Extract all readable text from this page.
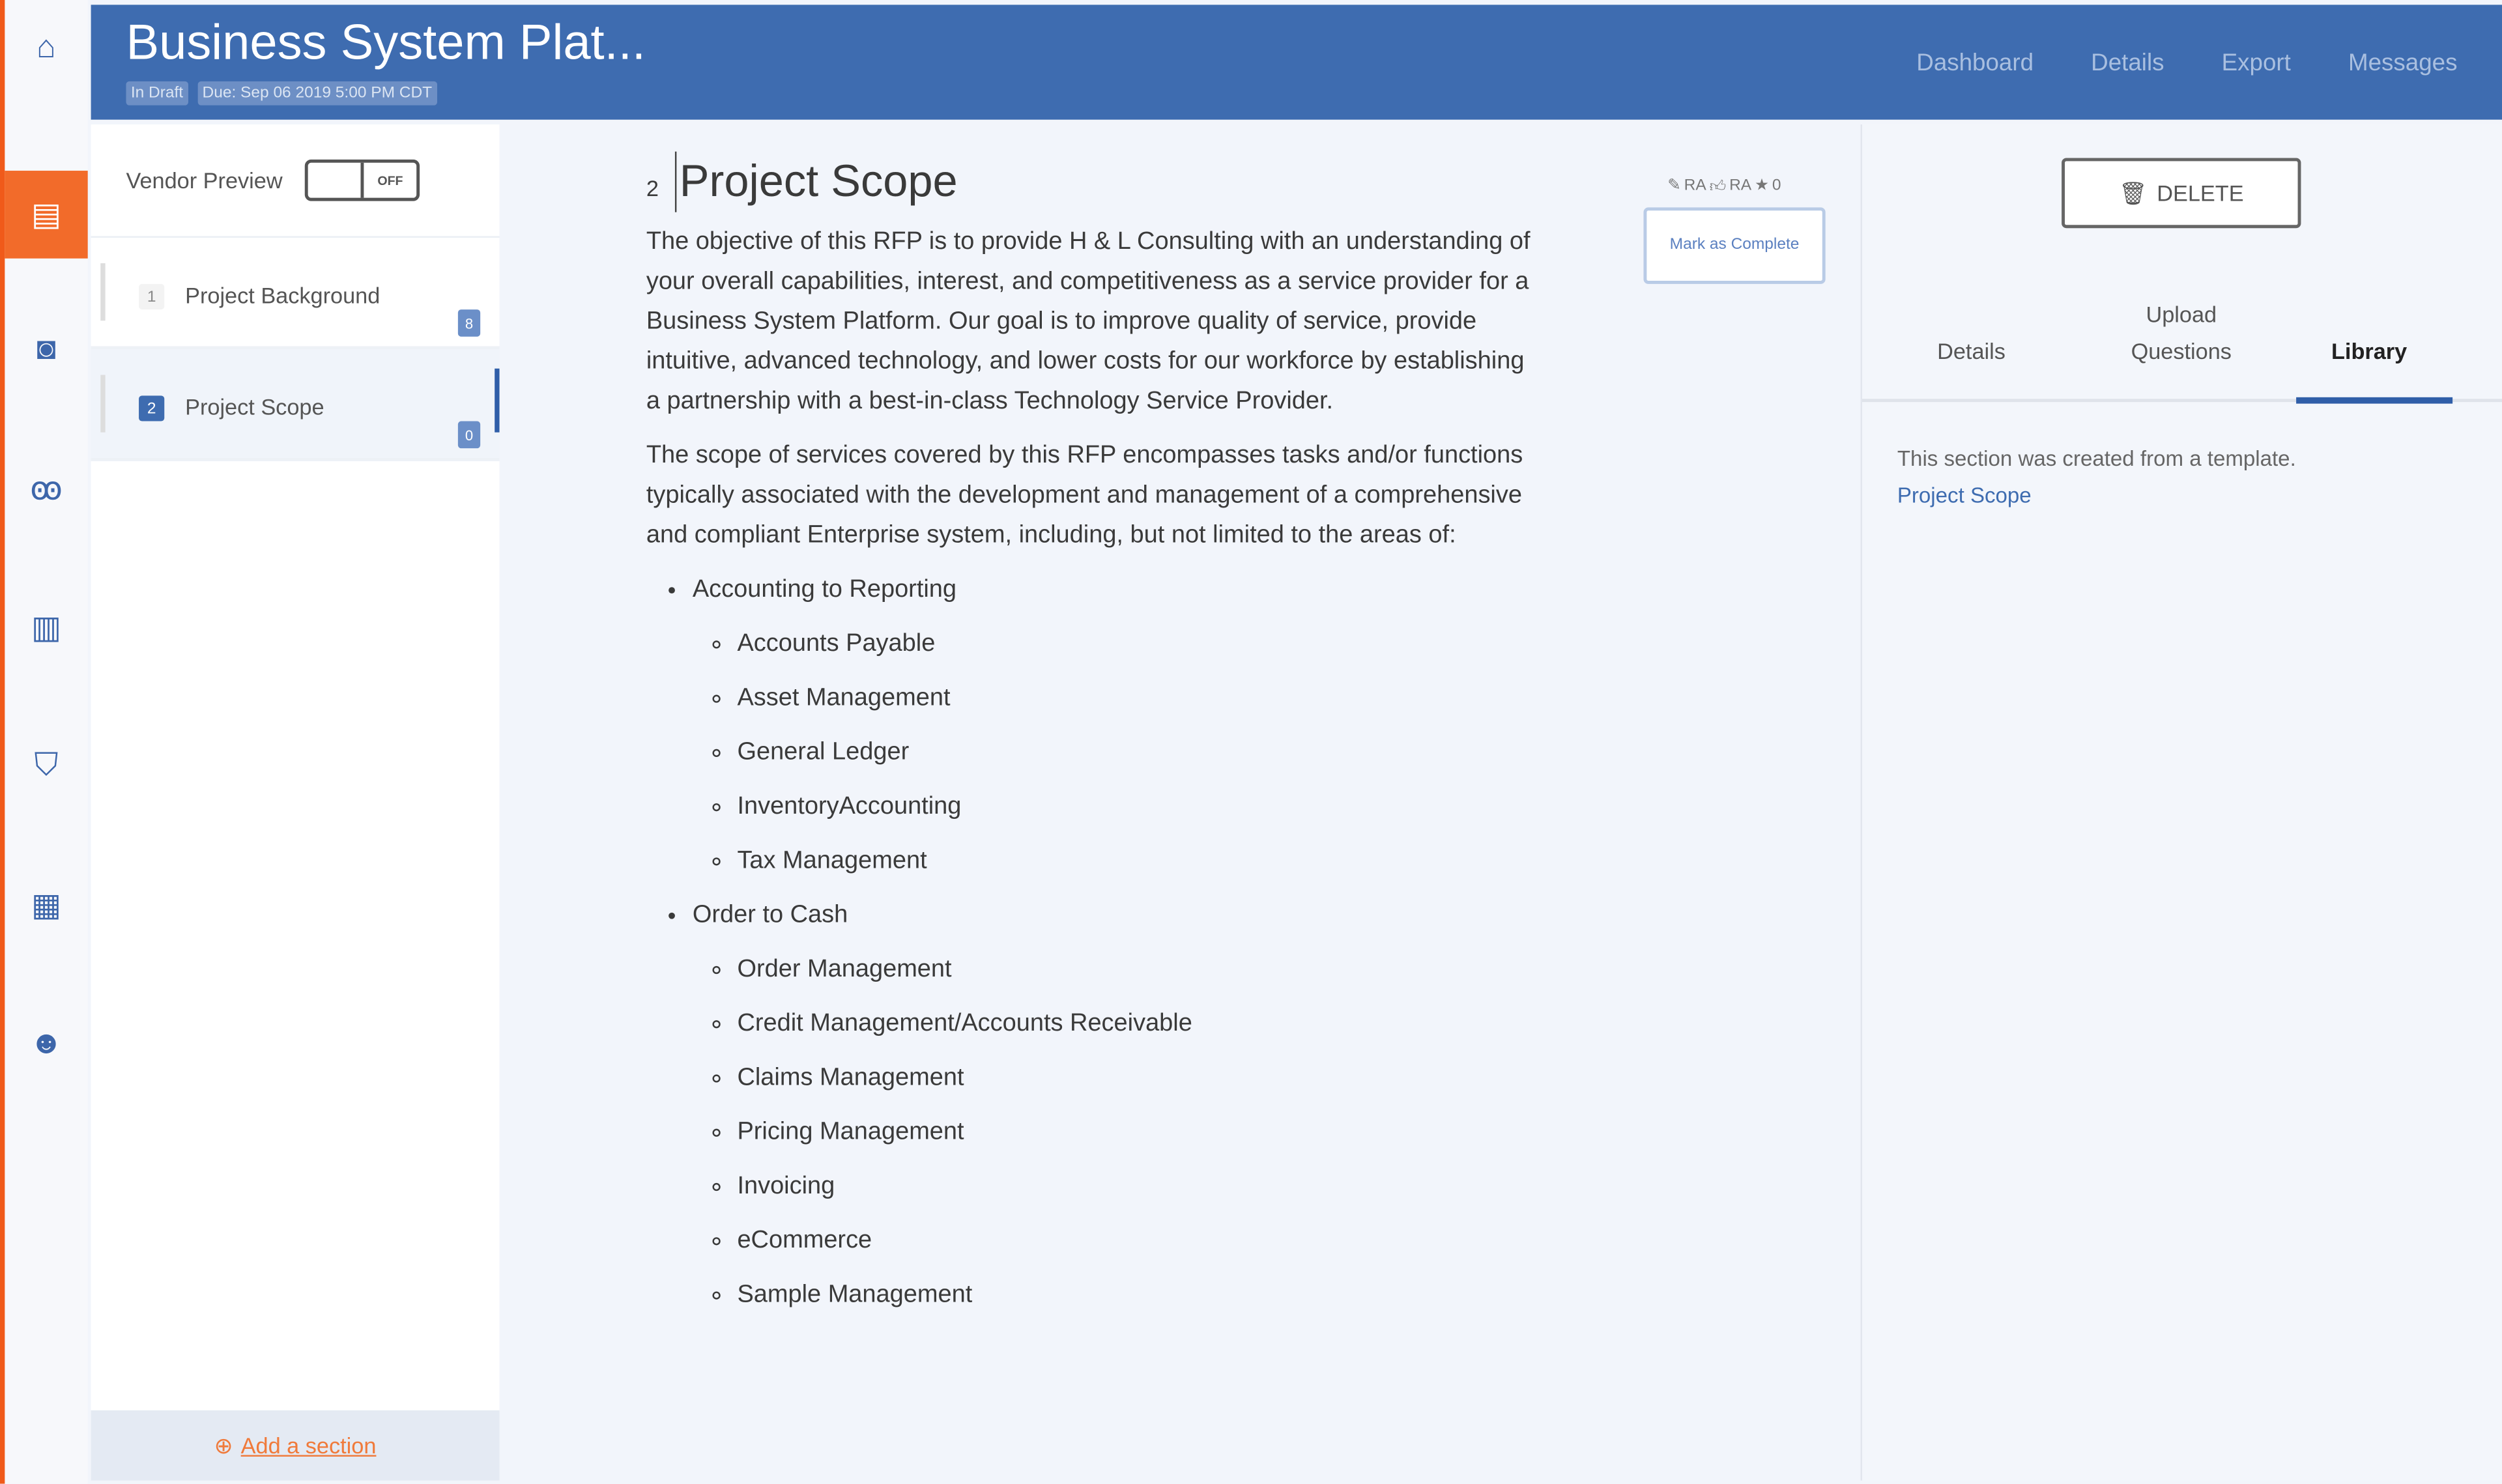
⌂
▤
◙
ꙭ
▥
⛉
▦
☻
Business System Plat...
In Draft	Due: Sep 06 2019 5:00 PM CDT
Dashboard	Details	Export	Messages
Vendor Preview	OFF
1	Project Background
8
2	Project Scope
0
⊕ Add a section
2 Project Scope

The objective of this RFP is to provide H & L Consulting with an understanding of your overall capabilities, interest, and competitiveness as a service provider for a Business System Platform. Our goal is to improve quality of service, provide intuitive, advanced technology, and lower costs for our workforce by establishing a partnership with a best-in-class Technology Service Provider.

The scope of services covered by this RFP encompasses tasks and/or functions typically associated with the development and management of a comprehensive and compliant Enterprise system, including, but not limited to the areas of:

• Accounting to Reporting
◦ Accounts Payable
◦ Asset Management
◦ General Ledger
◦ InventoryAccounting
◦ Tax Management
• Order to Cash
◦ Order Management
◦ Credit Management/Accounts Receivable
◦ Claims Management
◦ Pricing Management
◦ Invoicing
◦ eCommerce
◦ Sample Management
✎ RA 👍︎ RA ★ 0
Mark as Complete
🗑︎ DELETE
Details
Upload Questions	Library
This section was created from a template.
Project Scope
